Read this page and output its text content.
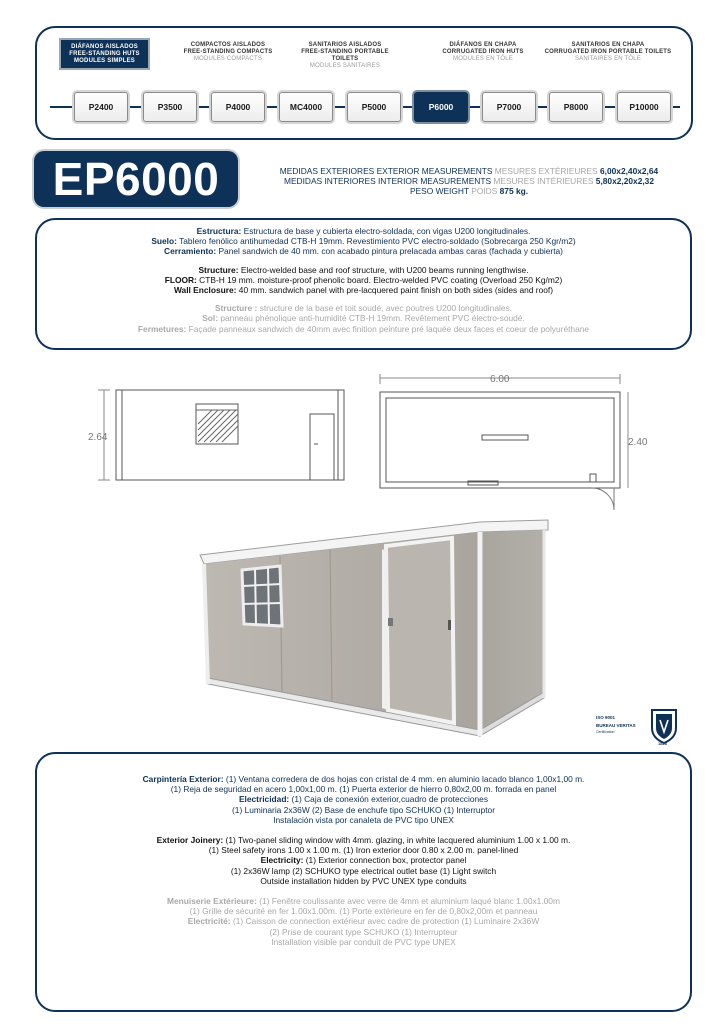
DIÁFANOS AISLADOS
FREE-STANDING HUTS
MODULES SIMPLES
COMPACTOS AISLADOS
FREE-STANDING COMPACTS
MODULES COMPACTS
SANITARIOS AISLADOS
FREE-STANDING PORTABLE TOILETS
MODULES SANITAIRES
DIÁFANOS EN CHAPA
CORRUGATED IRON HUTS
MODULES EN TÔLE
SANITARIOS EN CHAPA
CORRUGATED IRON PORTABLE TOILETS
SANITAIRES EN TÔLE
P2400	P3500	P4000	MC4000	P5000	P6000	P7000	P8000	P10000
EP6000	MEDIDAS EXTERIORES EXTERIOR MEASUREMENTS MESURES EXTÉRIEURES 6,00x2,40x2,64

MEDIDAS INTERIORES INTERIOR MEASUREMENTS MESURES INTÉRIEURES 5,80x2,20x2,32

PESO WEIGHT POIDS 875 kg.

Estructura: Estructura de base y cubierta electro-soldada, con vigas U200 longitudinales.

Suelo: Tablero fenólico antihumedad CTB-H 19mm. Revestimiento PVC electro-soldado (Sobrecarga 250 Kgr/m2)

Cerramiento: Panel sandwich de 40 mm. con acabado pintura prelacada ambas caras (fachada y cubierta)

Structure: Electro-welded base and roof structure, with U200 beams running lengthwise.

FLOOR: CTB-H 19 mm. moisture-proof phenolic board. Electro-welded PVC coating (Overload 250 Kg/m2)

Wall Enclosure: 40 mm. sandwich panel with pre-lacquered paint finish on both sides (sides and roof)

Structure : structure de la base et toit soudé, avec poutres U200 longitudinales.

Sol: panneau phénolique anti-humidité CTB-H 19mm. Revêtement PVC électro-soudé.

Fermetures: Façade panneaux sandwich de 40mm avec finition peinture pré laquée deux faces et coeur de polyuréthane

2.64
6.00
2.40
ISO 9001
BUREAU VERITAS
Certification
1828

Carpintería Exterior: (1) Ventana corredera de dos hojas con cristal de 4 mm. en aluminio lacado blanco 1,00x1,00 m.

(1) Reja de seguridad en acero 1,00x1,00 m. (1) Puerta exterior de hierro 0,80x2,00 m. forrada en panel

Electricidad: (1) Caja de conexión exterior,cuadro de protecciones

(1) Luminaria 2x36W (2) Base de enchufe tipo SCHUKO (1) Interruptor

Instalación vista por canaleta de PVC tipo UNEX

Exterior Joinery: (1) Two-panel sliding window with 4mm. glazing, in white lacquered aluminium 1.00 x 1.00 m.

(1) Steel safety irons 1.00 x 1.00 m. (1) Iron exterior door 0.80 x 2.00 m. panel-lined

Electricity: (1) Exterior connection box, protector panel

(1) 2x36W lamp (2) SCHUKO type electrical outlet base (1) Light switch

Outside installation hidden by PVC UNEX type conduits

Menuiserie Extérieure: (1) Fenêtre coulissante avec verre de 4mm et aluminium laqué blanc 1.00x1.00m

(1) Grille de sécurité en fer 1.00x1.00m. (1) Porte extérieure en fer de 0,80x2,00m et panneau

Electricité: (1) Caisson de connection extérieur avec cadre de protection (1) Luminaire 2x36W

(2) Prise de courant type SCHUKO (1) Interrupteur

Installation visible par conduit de PVC type UNEX
